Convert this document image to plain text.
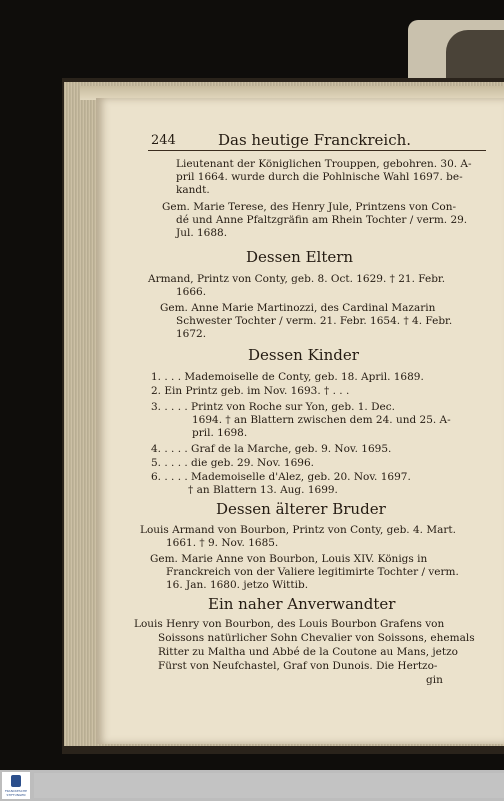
244	Das heutige Franckreich.
Lieutenant der Königlichen Trouppen, gebohren. 30. A-
pril 1664. wurde durch die Pohlnische Wahl 1697. be-
kandt.
Gem. Marie Terese, des Henry Jule, Printzens von Con-
dé und Anne Pfaltzgräfin am Rhein Tochter / verm. 29.
Jul. 1688.
Dessen Eltern
Armand, Printz von Conty, geb. 8. Oct. 1629. † 21. Febr.
1666.
Gem. Anne Marie Martinozzi, des Cardinal Mazarin
Schwester Tochter / verm. 21. Febr. 1654. † 4. Febr.
1672.
Dessen Kinder
1. . . . Mademoiselle de Conty, geb. 18. April. 1689.
2. Ein Printz geb. im Nov. 1693. † . . .
3. . . . . Printz von Roche sur Yon, geb. 1. Dec.
1694. † an Blattern zwischen dem 24. und 25. A-
pril. 1698.
4. . . . . Graf de la Marche, geb. 9. Nov. 1695.
5. . . . . die geb. 29. Nov. 1696.
6. . . . . Mademoiselle d'Alez, geb. 20. Nov. 1697.
† an Blattern 13. Aug. 1699.
Dessen älterer Bruder
Louis Armand von Bourbon, Printz von Conty, geb. 4. Mart.
1661. † 9. Nov. 1685.
Gem. Marie Anne von Bourbon, Louis XIV. Königs in
Franckreich von der Valiere legitimirte Tochter / verm.
16. Jan. 1680. jetzo Wittib.
Ein naher Anverwandter
Louis Henry von Bourbon, des Louis Bourbon Grafens von
Soissons natürlicher Sohn Chevalier von Soissons, ehemals
Ritter zu Maltha und Abbé de la Coutone au Mans, jetzo
Fürst von Neufchastel, Graf von Dunois. Die Hertzo-
gin
FRANCKESCHE STIFTUNGEN
